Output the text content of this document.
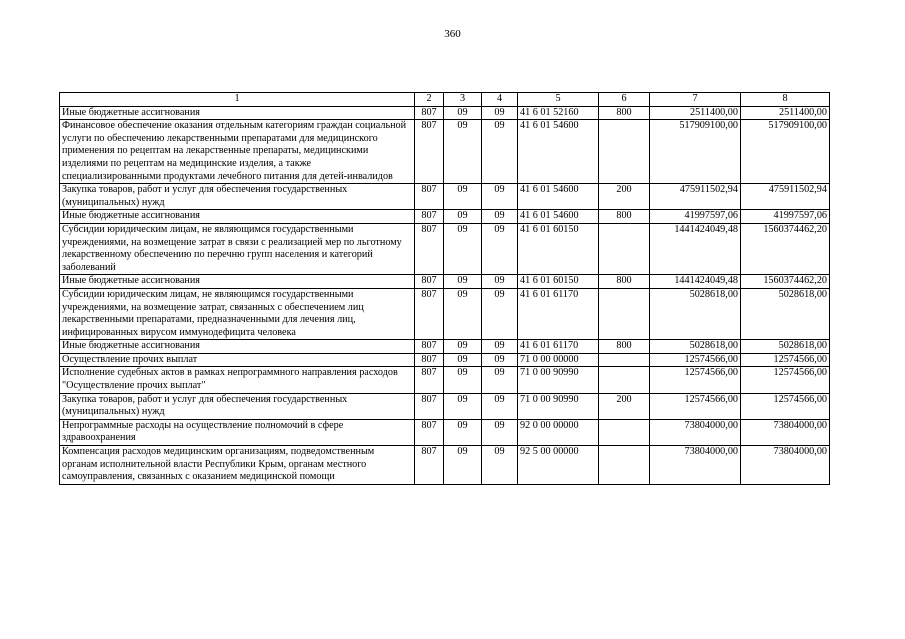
360
1	2	3	4	5	6	7	8
Иные бюджетные ассигнования	807	09	09	41 6 01 52160	800	2511400,00	2511400,00
Финансовое обеспечение оказания отдельным категориям граждан социальной услуги по обеспечению лекарственными препаратами для медицинского применения по рецептам на лекарственные препараты, медицинскими изделиями по рецептам на медицинские изделия, а также специализированными продуктами лечебного питания для детей-инвалидов	807	09	09	41 6 01 54600		517909100,00	517909100,00
Закупка товаров, работ и услуг для обеспечения государственных (муниципальных) нужд	807	09	09	41 6 01 54600	200	475911502,94	475911502,94
Иные бюджетные ассигнования	807	09	09	41 6 01 54600	800	41997597,06	41997597,06
Субсидии юридическим лицам, не являющимся государственными учреждениями, на возмещение затрат в связи с реализацией мер по льготному лекарственному обеспечению по перечню групп населения и категорий заболеваний	807	09	09	41 6 01 60150		1441424049,48	1560374462,20
Иные бюджетные ассигнования	807	09	09	41 6 01 60150	800	1441424049,48	1560374462,20
Субсидии юридическим лицам, не являющимся государственными учреждениями, на возмещение затрат, связанных с обеспечением лиц лекарственными препаратами, предназначенными для лечения лиц, инфицированных вирусом иммунодефицита человека	807	09	09	41 6 01 61170		5028618,00	5028618,00
Иные бюджетные ассигнования	807	09	09	41 6 01 61170	800	5028618,00	5028618,00
Осуществление прочих выплат	807	09	09	71 0 00 00000		12574566,00	12574566,00
Исполнение судебных актов в рамках непрограммного направления расходов "Осуществление прочих выплат"	807	09	09	71 0 00 90990		12574566,00	12574566,00
Закупка товаров, работ и услуг для обеспечения государственных (муниципальных) нужд	807	09	09	71 0 00 90990	200	12574566,00	12574566,00
Непрограммные расходы на осуществление полномочий в сфере здравоохранения	807	09	09	92 0 00 00000		73804000,00	73804000,00
Компенсация расходов медицинским организациям, подведомственным органам исполнительной власти Республики Крым, органам местного самоуправления, связанных с оказанием медицинской помощи	807	09	09	92 5 00 00000		73804000,00	73804000,00
